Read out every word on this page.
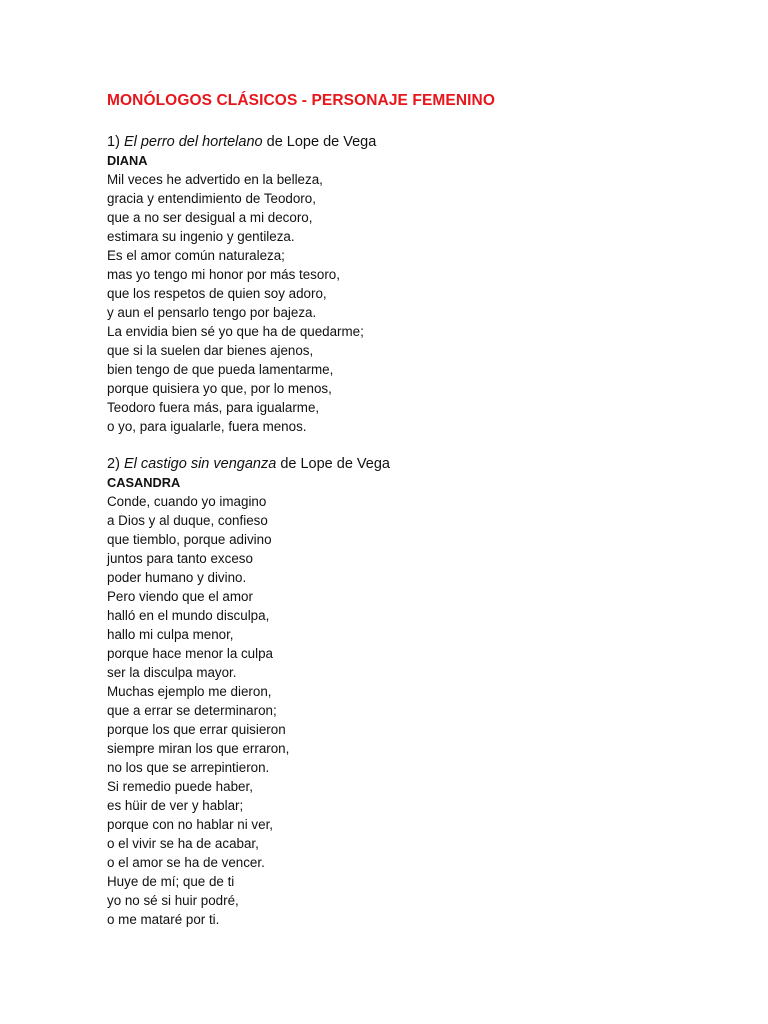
MONÓLOGOS CLÁSICOS - PERSONAJE FEMENINO
1) El perro del hortelano de Lope de Vega
DIANA
Mil veces he advertido en la belleza,
gracia y entendimiento de Teodoro,
que a no ser desigual a mi decoro,
estimara su ingenio y gentileza.
Es el amor común naturaleza;
mas yo tengo mi honor por más tesoro,
que los respetos de quien soy adoro,
y aun el pensarlo tengo por bajeza.
La envidia bien sé yo que ha de quedarme;
que si la suelen dar bienes ajenos,
bien tengo de que pueda lamentarme,
porque quisiera yo que, por lo menos,
Teodoro fuera más, para igualarme,
o yo, para igualarle, fuera menos.
2) El castigo sin venganza de Lope de Vega
CASANDRA
Conde, cuando yo imagino
a Dios y al duque, confieso
que tiemblo, porque adivino
juntos para tanto exceso
poder humano y divino.
Pero viendo que el amor
halló en el mundo disculpa,
hallo mi culpa menor,
porque hace menor la culpa
ser la disculpa mayor.
Muchas ejemplo me dieron,
que a errar se determinaron;
porque los que errar quisieron
siempre miran los que erraron,
no los que se arrepintieron.
Si remedio puede haber,
es hüir de ver y hablar;
porque con no hablar ni ver,
o el vivir se ha de acabar,
o el amor se ha de vencer.
Huye de mí; que de ti
yo no sé si huir podré,
o me mataré por ti.
